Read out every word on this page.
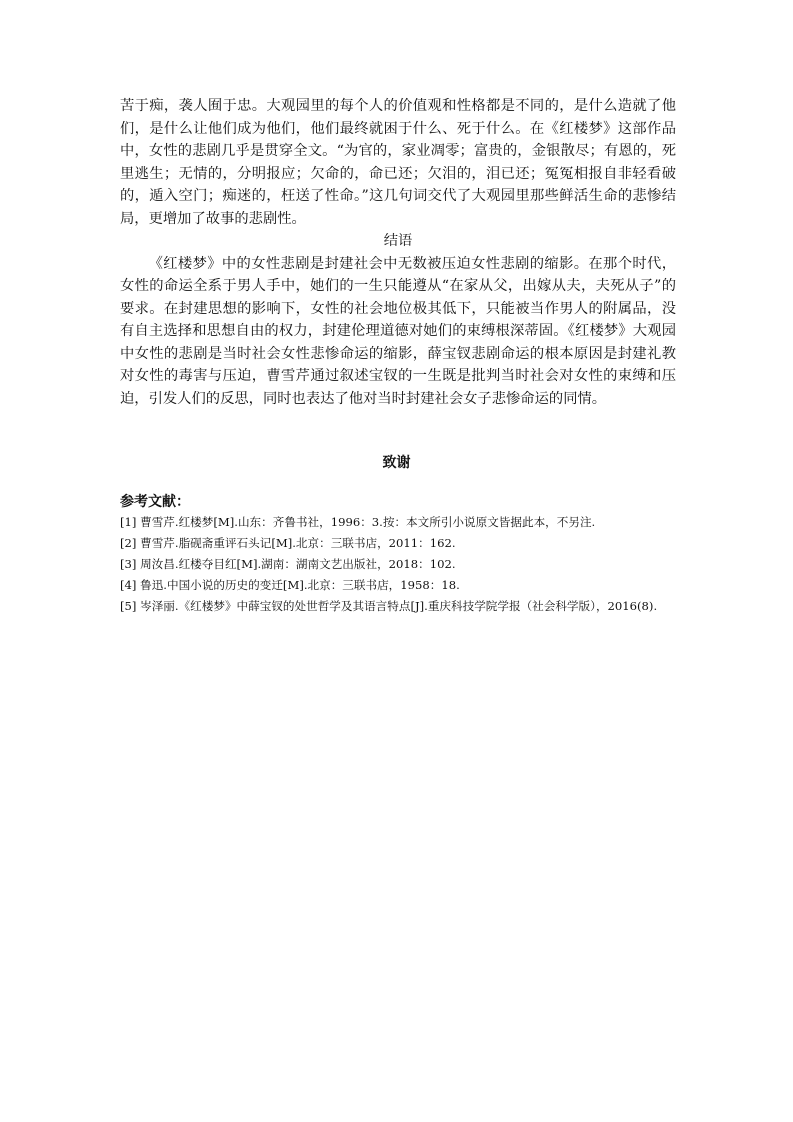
苦于痴，袭人囿于忠。大观园里的每个人的价值观和性格都是不同的，是什么造就了他们，是什么让他们成为他们，他们最终就困于什么、死于什么。在《红楼梦》这部作品中，女性的悲剧几乎是贯穿全文。“为官的，家业凋零；富贵的，金银散尽；有恩的，死里逃生；无情的，分明报应；欠命的，命已还；欠泪的，泪已还；冤冤相报自非轻看破的，遁入空门；痴迷的，枉送了性命。”这几句词交代了大观园里那些鲜活生命的悲惨结局，更增加了故事的悲剧性。

结语

《红楼梦》中的女性悲剧是封建社会中无数被压迫女性悲剧的缩影。在那个时代，女性的命运全系于男人手中，她们的一生只能遵从“在家从父，出嫁从夫，夫死从子”的要求。在封建思想的影响下，女性的社会地位极其低下，只能被当作男人的附属品，没有自主选择和思想自由的权力，封建伦理道德对她们的束缚根深蒂固。《红楼梦》大观园中女性的悲剧是当时社会女性悲惨命运的缩影，薛宝钗悲剧命运的根本原因是封建礼教对女性的毒害与压迫，曹雪芹通过叙述宝钗的一生既是批判当时社会对女性的束缚和压迫，引发人们的反思，同时也表达了他对当时封建社会女子悲惨命运的同情。

致谢
参考文献：
[1] 曹雪芹.红楼梦[M].山东：齐鲁书社，1996：3.按：本文所引小说原文皆据此本，不另注.
[2] 曹雪芹.脂砚斋重评石头记[M].北京：三联书店，2011：162.
[3] 周汝昌.红楼夺目红[M].湖南：湖南文艺出版社，2018：102.
[4] 鲁迅.中国小说的历史的变迁[M].北京：三联书店，1958：18.
[5] 岑泽丽.《红楼梦》中薛宝钗的处世哲学及其语言特点[J].重庆科技学院学报（社会科学版），2016(8).
